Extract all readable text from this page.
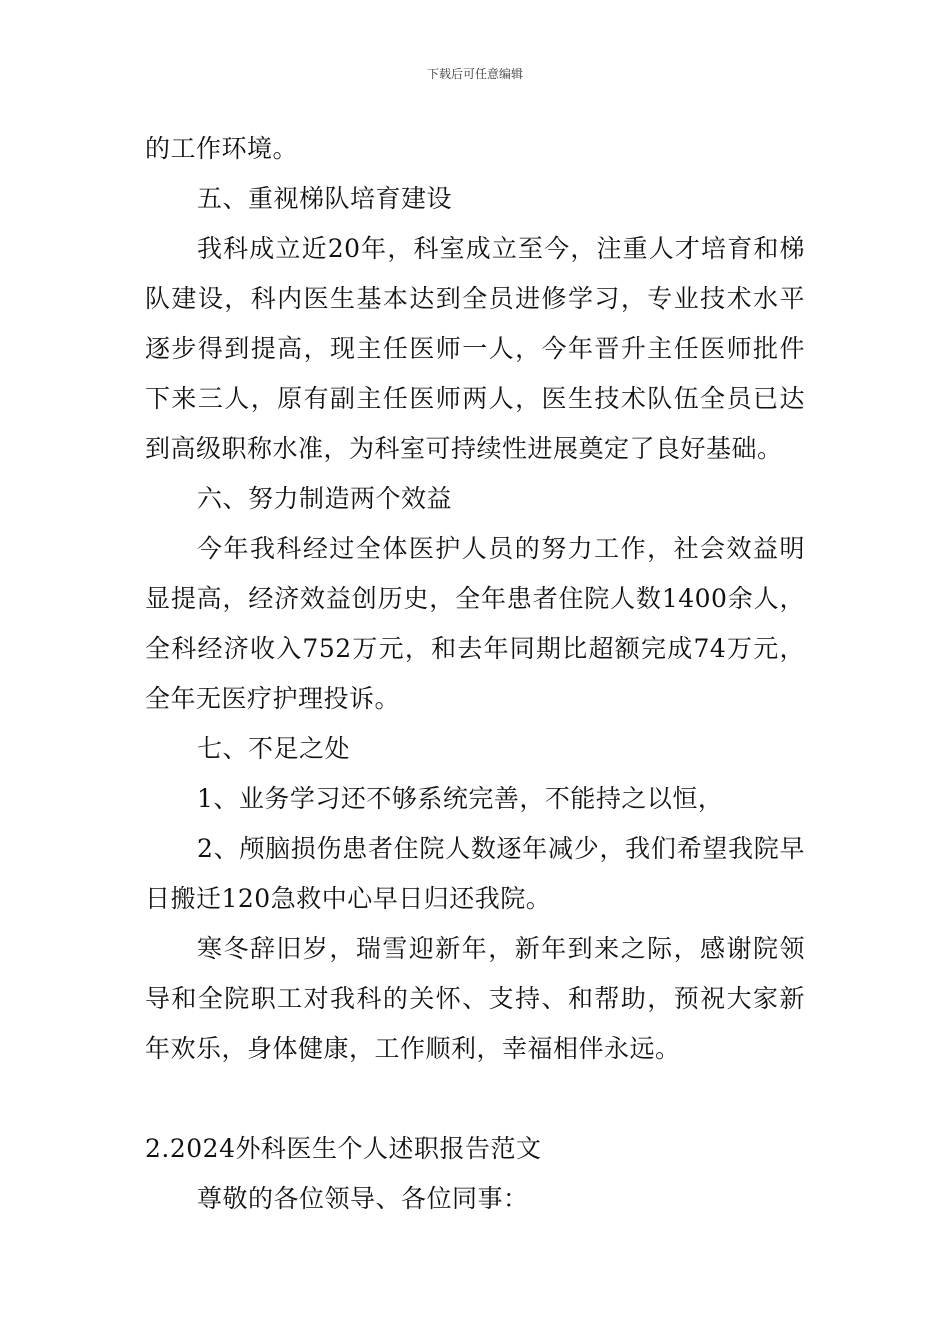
下载后可任意编辑

的工作环境。

五、重视梯队培育建设

我科成立近20年，科室成立至今，注重人才培育和梯队建设，科内医生基本达到全员进修学习，专业技术水平逐步得到提高，现主任医师一人，今年晋升主任医师批件下来三人，原有副主任医师两人，医生技术队伍全员已达到高级职称水准，为科室可持续性进展奠定了良好基础。

六、努力制造两个效益

今年我科经过全体医护人员的努力工作，社会效益明显提高，经济效益创历史，全年患者住院人数1400余人，全科经济收入752万元，和去年同期比超额完成74万元，全年无医疗护理投诉。

七、不足之处

1、业务学习还不够系统完善，不能持之以恒，

2、颅脑损伤患者住院人数逐年减少，我们希望我院早日搬迁120急救中心早日归还我院。

寒冬辞旧岁，瑞雪迎新年，新年到来之际，感谢院领导和全院职工对我科的关怀、支持、和帮助，预祝大家新年欢乐，身体健康，工作顺利，幸福相伴永远。

2.2024外科医生个人述职报告范文

尊敬的各位领导、各位同事：
